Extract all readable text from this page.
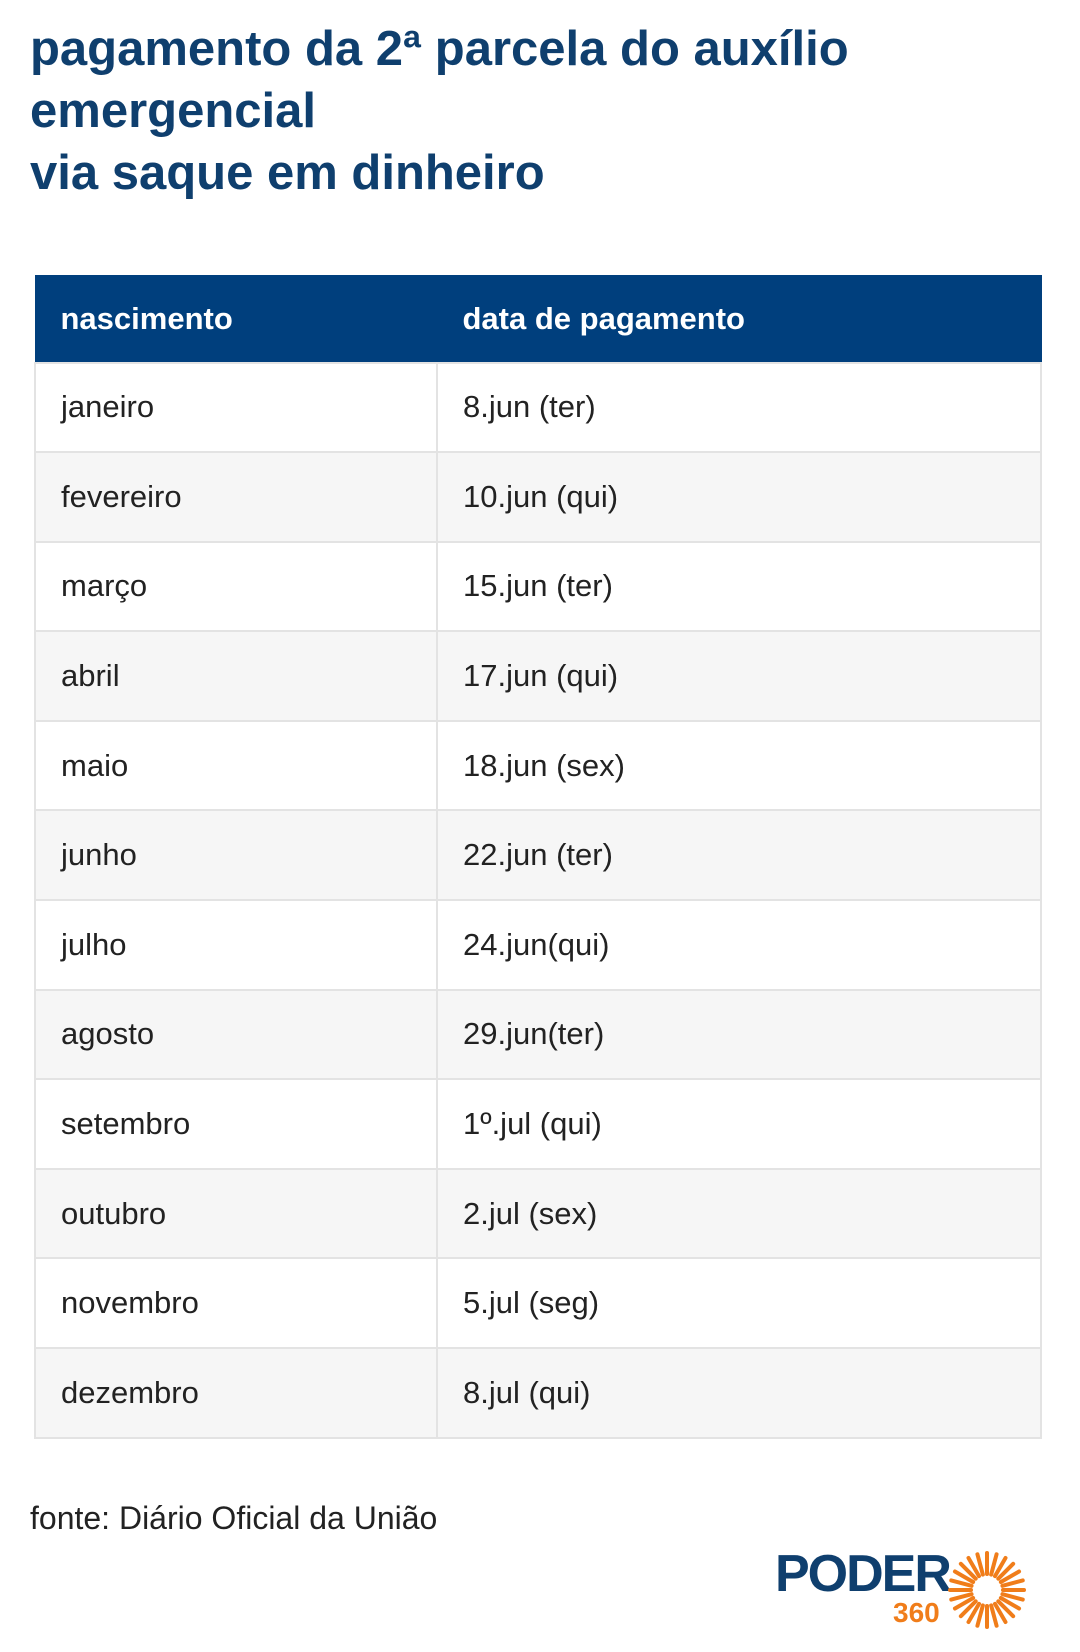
pagamento da 2ª parcela do auxílio
emergencial
via saque em dinheiro
nascimento	data de pagamento
janeiro	8.jun (ter)
fevereiro	10.jun (qui)
março	15.jun (ter)
abril	17.jun (qui)
maio	18.jun (sex)
junho	22.jun (ter)
julho	24.jun(qui)
agosto	29.jun(ter)
setembro	1º.jul (qui)
outubro	2.jul (sex)
novembro	5.jul (seg)
dezembro	8.jul (qui)

fonte: Diário Oficial da União

PODER
360
